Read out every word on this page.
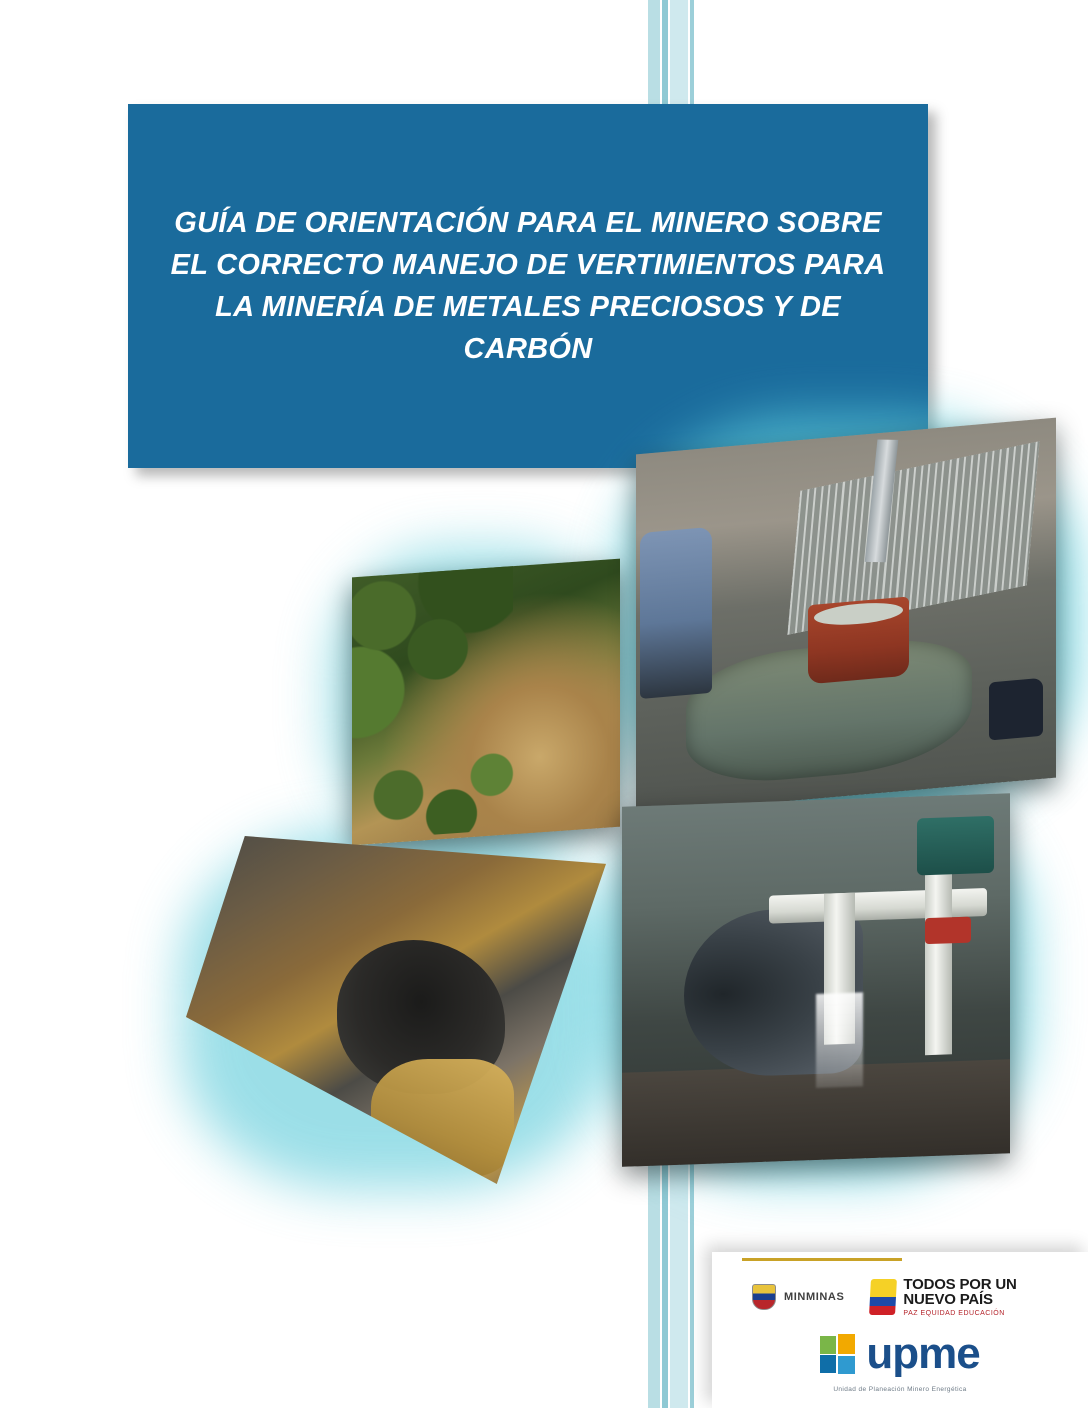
GUÍA DE ORIENTACIÓN PARA EL MINERO SOBRE EL CORRECTO MANEJO DE VERTIMIENTOS PARA LA MINERÍA DE METALES PRECIOSOS Y DE CARBÓN
MINMINAS
TODOS POR UN
NUEVO PAÍS
PAZ EQUIDAD EDUCACIÓN
upme
Unidad de Planeación Minero Energética
